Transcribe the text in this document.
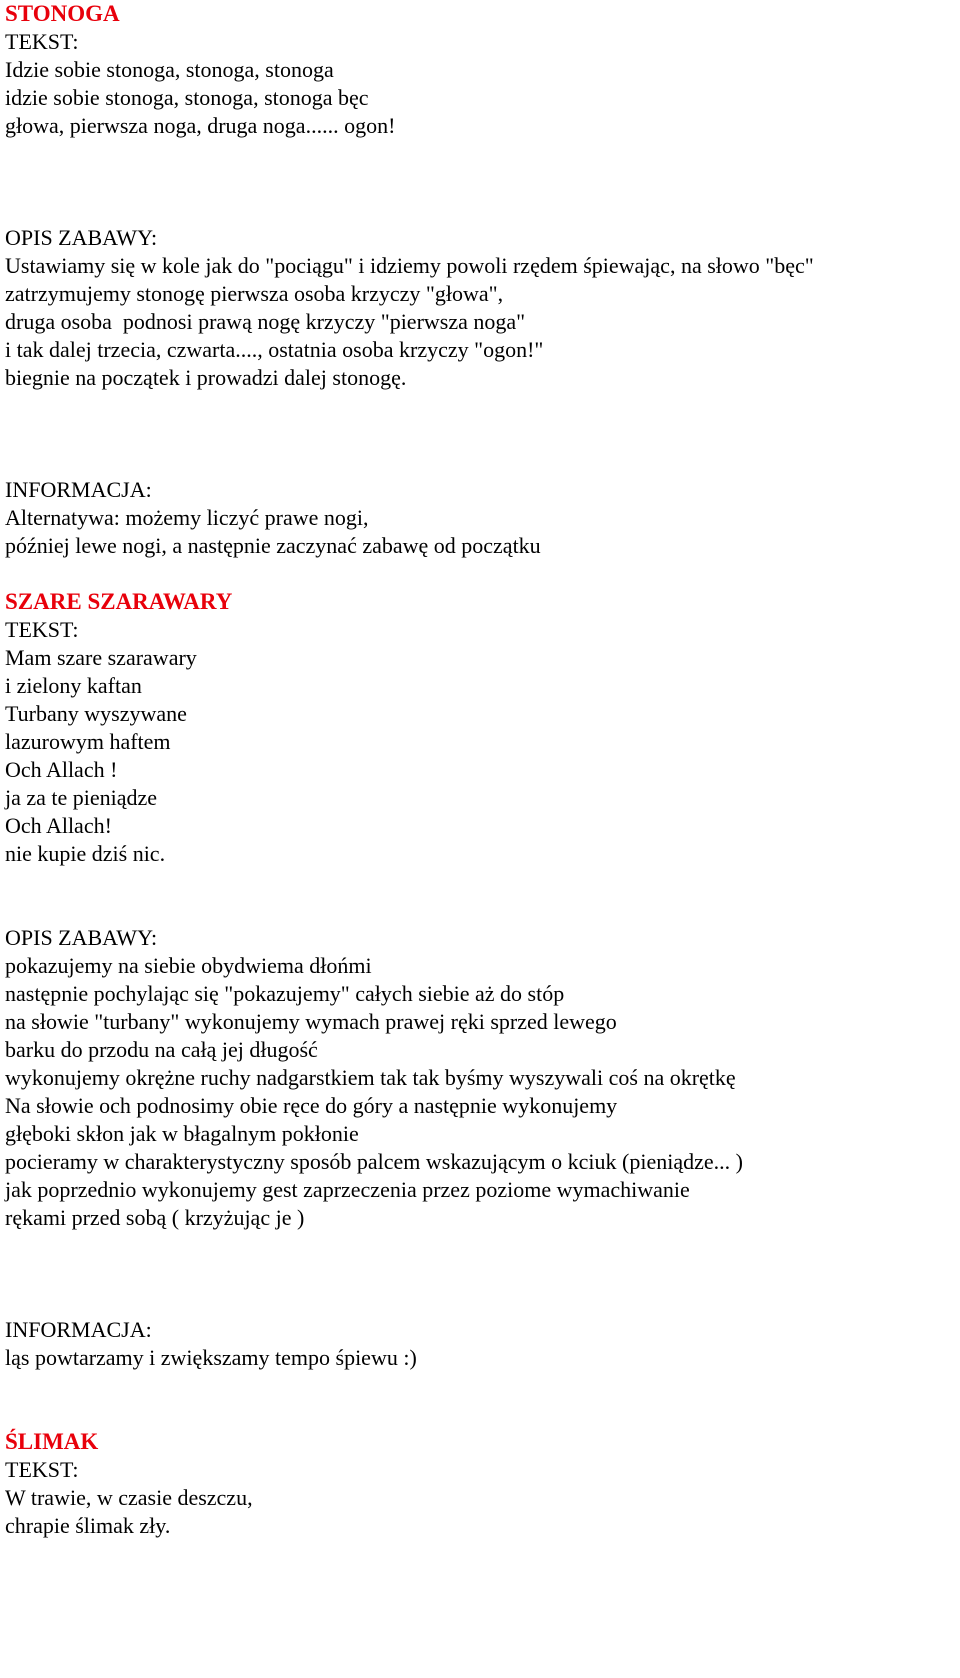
STONOGA
TEKST:
Idzie sobie stonoga, stonoga, stonoga
idzie sobie stonoga, stonoga, stonoga bęc
głowa, pierwsza noga, druga noga...... ogon!
OPIS ZABAWY:
Ustawiamy się w kole jak do "pociągu" i idziemy powoli rzędem śpiewając, na słowo "bęc"
zatrzymujemy stonogę pierwsza osoba krzyczy "głowa",
druga osoba  podnosi prawą nogę krzyczy "pierwsza noga"
i tak dalej trzecia, czwarta...., ostatnia osoba krzyczy "ogon!"
biegnie na początek i prowadzi dalej stonogę.
INFORMACJA:
Alternatywa: możemy liczyć prawe nogi,
później lewe nogi, a następnie zaczynać zabawę od początku
SZARE SZARAWARY
TEKST:
Mam szare szarawary
i zielony kaftan
Turbany wyszywane
lazurowym haftem
Och Allach !
ja za te pieniądze
Och Allach!
nie kupie dziś nic.
OPIS ZABAWY:
pokazujemy na siebie obydwiema dłońmi
następnie pochylając się "pokazujemy" całych siebie aż do stóp
na słowie "turbany" wykonujemy wymach prawej ręki sprzed lewego
barku do przodu na całą jej długość
wykonujemy okrężne ruchy nadgarstkiem tak tak byśmy wyszywali coś na okrętkę
Na słowie och podnosimy obie ręce do góry a następnie wykonujemy
głęboki skłon jak w błagalnym pokłonie
pocieramy w charakterystyczny sposób palcem wskazującym o kciuk (pieniądze... )
jak poprzednio wykonujemy gest zaprzeczenia przez poziome wymachiwanie
rękami przed sobą ( krzyżując je )
INFORMACJA:
ląs powtarzamy i zwiększamy tempo śpiewu :)
ŚLIMAK
TEKST:
W trawie, w czasie deszczu,
chrapie ślimak zły.
